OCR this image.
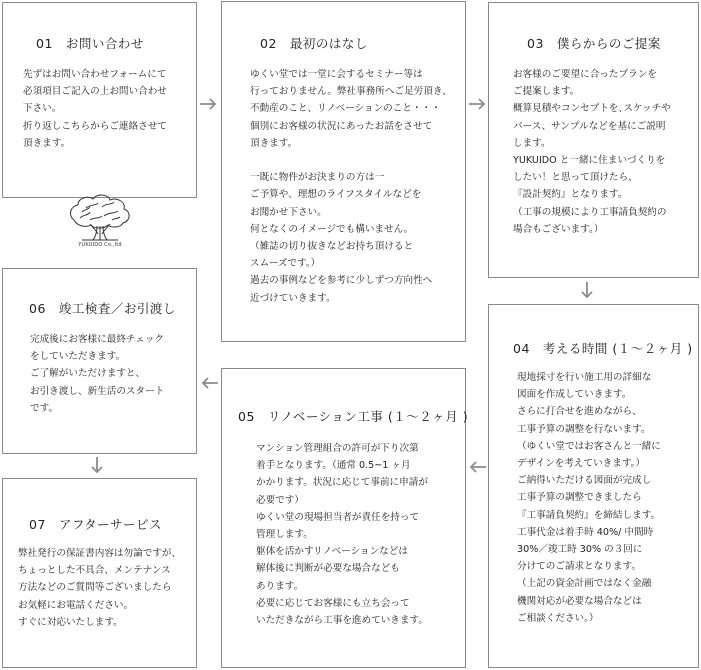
01　お問い合わせ
先ずはお問い合わせフォームにて
必須項目ご記入の上お問い合わせ
下さい。
折り返しこちらからご連絡させて
頂きます。
02　最初のはなし
ゆくい堂では一堂に会するセミナー等は
行っておりません。弊社事務所へご足労頂き、
不動産のこと、リノベーションのこと・・・
個別にお客様の状況にあったお話をさせて
頂きます。
一既に物件がお決まりの方は一
ご予算や、理想のライフスタイルなどを
お聞かせ下さい。
何となくのイメージでも構いません。
（雑誌の切り抜きなどお持ち頂けると
スムーズです。）
過去の事例などを参考に少しずつ方向性へ
近づけていきます。
03　僕らからのご提案
お客様のご要望に合ったプランを
ご提案します。
概算見積やコンセプトを､スケッチや
パース、サンプルなどを基にご説明
します。
YUKUIDO と一緒に住まいづくりを
したい！と思って頂けたら、
『設計契約』となります。
（工事の規模により工事請負契約の
場合もございます。）
04　考える時間 (１～２ヶ月 )
現地採寸を行い施工用の詳細な
図面を作成していきます。
さらに打合せを進めながら、
工事予算の調整を行ないます。
（ゆくい堂ではお客さんと一緒に
デザインを考えていきます。）
ご納得いただける図面が完成し
工事予算の調整できましたら
『工事請負契約』を締結します。
工事代金は着手時 40%/ 中間時
30%／竣工時 30% の３回に
分けてのご請求となります。
（上記の資金計画ではなく金融
機関対応が必要な場合などは
ご相談ください。）
05　リノベーション工事 (１～２ヶ月 )
マンション管理組合の許可が下り次第
着手となります。（通常 0.5~1 ヶ月
かかります。状況に応じて事前に申請が
必要です）
ゆくい堂の現場担当者が責任を持って
管理します。
躯体を活かすリノベーションなどは
解体後に判断が必要な場合なども
あります。
必要に応じてお客様にも立ち会って
いただきながら工事を進めていきます。
06　竣工検査／お引渡し
完成後にお客様に最終チェック
をしていただきます。
ご了解がいただけますと、
お引き渡し、新生活のスタート
です。
07　アフターサービス
弊社発行の保証書内容は勿論ですが、
ちょっとした不具合、メンテナンス
方法などのご質問等ございましたら
お気軽にお電話ください。
すぐに対応いたします。
YUKUIDO Co.,ltd
